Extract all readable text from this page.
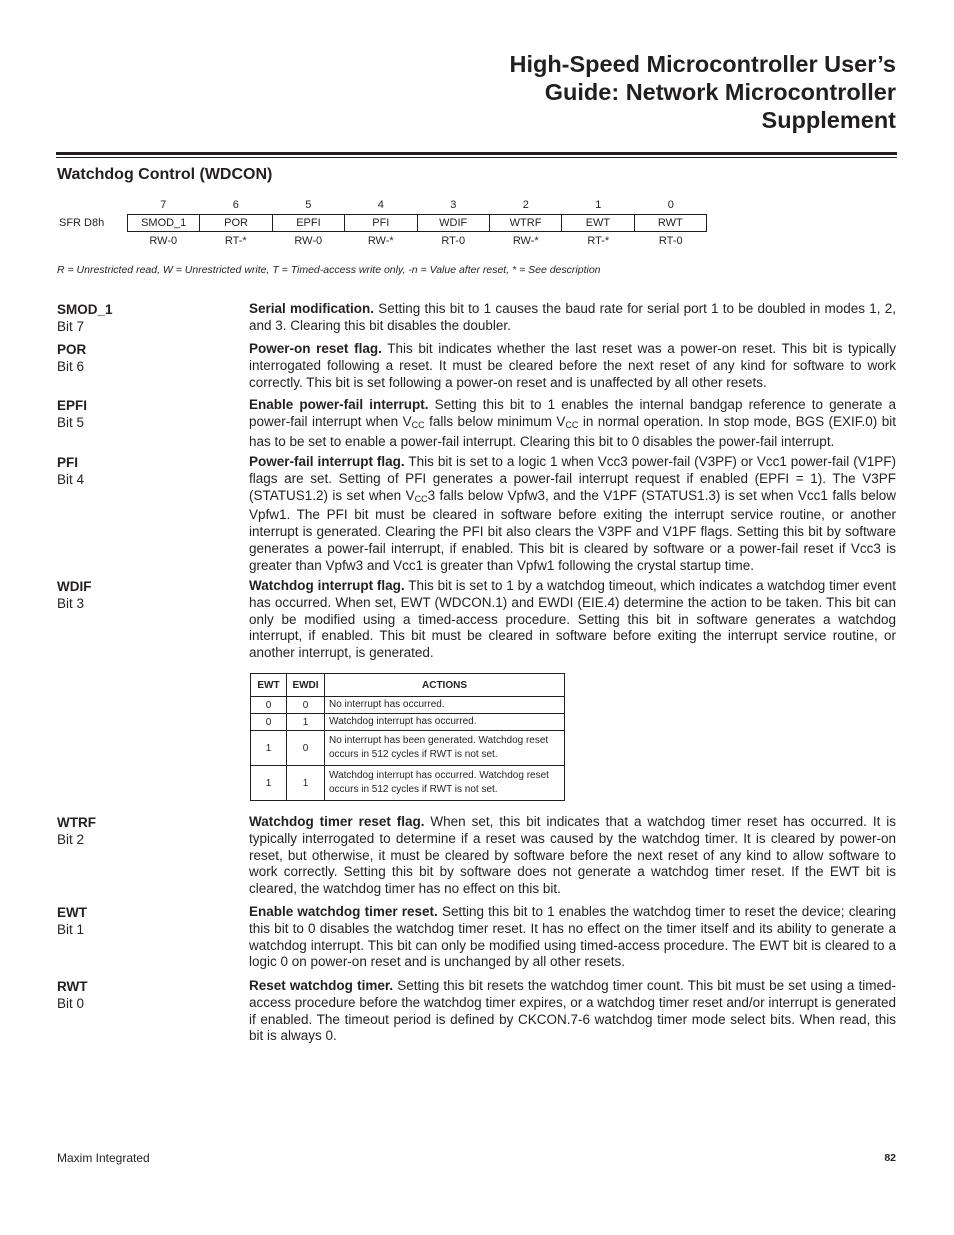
High-Speed Microcontroller User’s
Guide: Network Microcontroller
Supplement
Watchdog Control (WDCON)
7	6	5	4	3	2	1	0
SFR D8h	SMOD_1	POR	EPFI	PFI	WDIF	WTRF	EWT	RWT
RW-0	RT-*	RW-0	RW-*	RT-0	RW-*	RT-*	RT-0
R = Unrestricted read, W = Unrestricted write, T = Timed-access write only, -n = Value after reset, * = See description
SMOD_1
Bit 7
Serial modification. Setting this bit to 1 causes the baud rate for serial port 1 to be doubled in modes 1, 2, and 3. Clearing this bit disables the doubler.
POR
Bit 6
Power-on reset flag. This bit indicates whether the last reset was a power-on reset. This bit is typically interrogated following a reset. It must be cleared before the next reset of any kind for software to work correctly. This bit is set following a power-on reset and is unaffected by all other resets.
EPFI
Bit 5
Enable power-fail interrupt. Setting this bit to 1 enables the internal bandgap reference to generate a power-fail interrupt when $V_{CC}$ falls below minimum $V_{CC}$ in normal operation. In stop mode, BGS (EXIF.0) bit has to be set to enable a power-fail interrupt. Clearing this bit to 0 disables the power-fail interrupt.
PFI
Bit 4
Power-fail interrupt flag. This bit is set to a logic 1 when Vcc3 power-fail (V3PF) or Vcc1 power-fail (V1PF) flags are set. Setting of PFI generates a power-fail interrupt request if enabled (EPFI = 1). The V3PF (STATUS1.2) is set when $V_{CC}3$ falls below Vpfw3, and the V1PF (STATUS1.3) is set when Vcc1 falls below Vpfw1. The PFI bit must be cleared in software before exiting the interrupt service routine, or another interrupt is generated. Clearing the PFI bit also clears the V3PF and V1PF flags. Setting this bit by software generates a power-fail interrupt, if enabled. This bit is cleared by software or a power-fail reset if Vcc3 is greater than Vpfw3 and Vcc1 is greater than Vpfw1 following the crystal startup time.
WDIF
Bit 3
Watchdog interrupt flag. This bit is set to 1 by a watchdog timeout, which indicates a watchdog timer event has occurred. When set, EWT (WDCON.1) and EWDI (EIE.4) determine the action to be taken. This bit can only be modified using a timed-access procedure. Setting this bit in software generates a watchdog interrupt, if enabled. This bit must be cleared in software before exiting the interrupt service routine, or another interrupt, is generated.
EWT	EWDI	ACTIONS
0	0	No interrupt has occurred.
0	1	Watchdog interrupt has occurred.
1	0	No interrupt has been generated. Watchdog reset occurs in 512 cycles if RWT is not set.
1	1	Watchdog interrupt has occurred. Watchdog reset occurs in 512 cycles if RWT is not set.
WTRF
Bit 2
Watchdog timer reset flag. When set, this bit indicates that a watchdog timer reset has occurred. It is typically interrogated to determine if a reset was caused by the watchdog timer. It is cleared by power-on reset, but otherwise, it must be cleared by software before the next reset of any kind to allow software to work correctly. Setting this bit by software does not generate a watchdog timer reset. If the EWT bit is cleared, the watchdog timer has no effect on this bit.
EWT
Bit 1
Enable watchdog timer reset. Setting this bit to 1 enables the watchdog timer to reset the device; clearing this bit to 0 disables the watchdog timer reset. It has no effect on the timer itself and its ability to generate a watchdog interrupt. This bit can only be modified using timed-access procedure. The EWT bit is cleared to a logic 0 on power-on reset and is unchanged by all other resets.
RWT
Bit 0
Reset watchdog timer. Setting this bit resets the watchdog timer count. This bit must be set using a timed-access procedure before the watchdog timer expires, or a watchdog timer reset and/or interrupt is generated if enabled. The timeout period is defined by CKCON.7-6 watchdog timer mode select bits. When read, this bit is always 0.
Maxim Integrated	82
